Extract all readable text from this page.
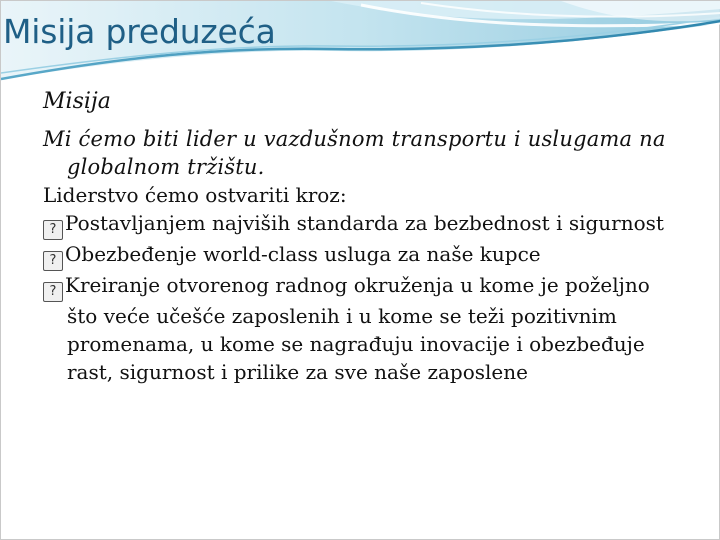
Misija preduzeća
Misija

Mi ćemo biti lider u vazdušnom transportu i uslugama na globalnom tržištu.

Liderstvo ćemo ostvariti kroz:

? Postavljanjem najviših standarda za bezbednost i sigurnost

? Obezbeđenje world-class usluga za naše kupce

? Kreiranje otvorenog radnog okruženja u kome je poželjno što veće učešće zaposlenih i u kome se teži pozitivnim promenama, u kome se nagrađuju inovacije i obezbeđuje rast, sigurnost i prilike za sve naše zaposlene
